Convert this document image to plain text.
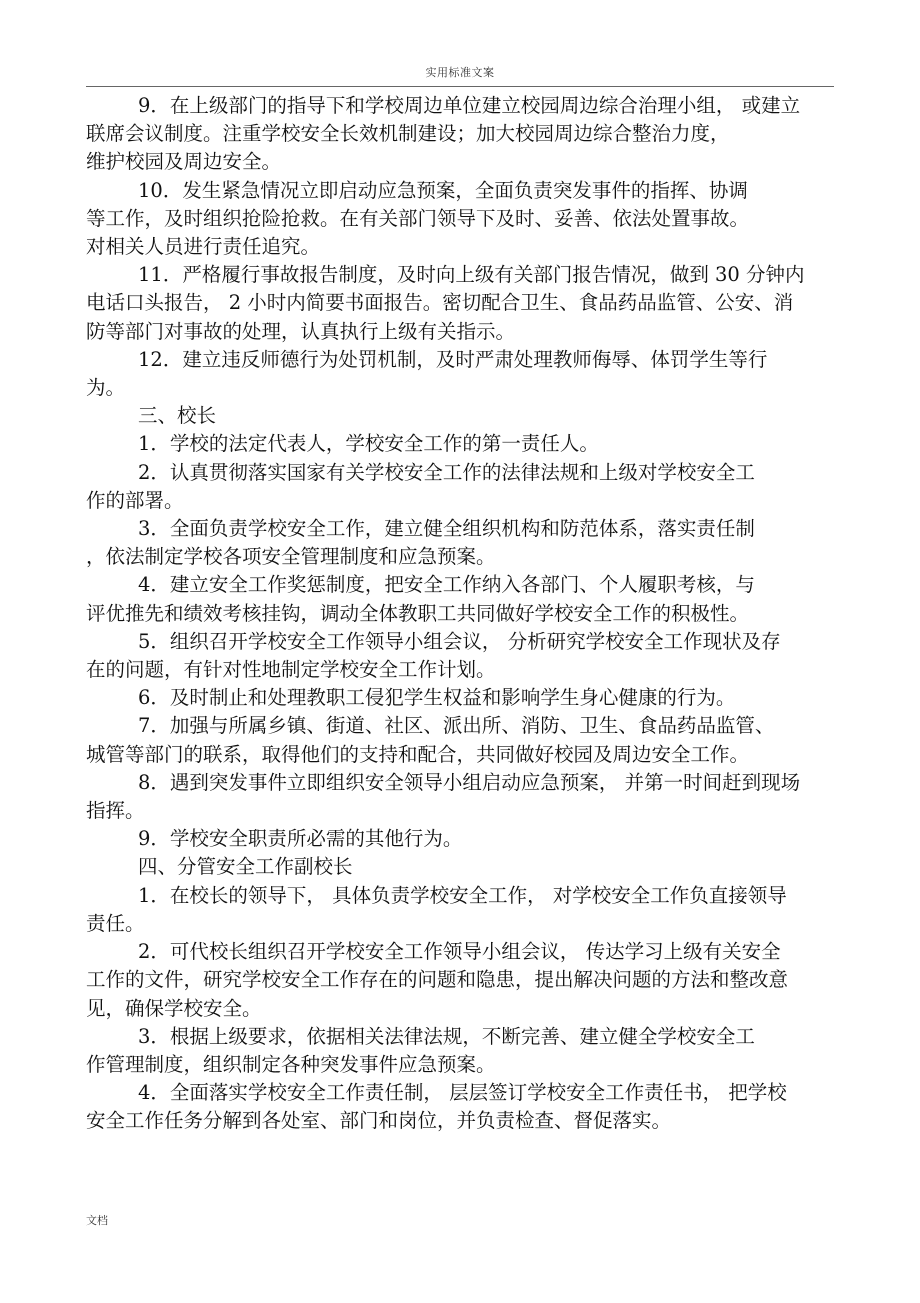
实用标准文案
9．在上级部门的指导下和学校周边单位建立校园周边综合治理小组， 或建立
联席会议制度。注重学校安全长效机制建设；加大校园周边综合整治力度，
维护校园及周边安全。
10．发生紧急情况立即启动应急预案，全面负责突发事件的指挥、协调
等工作，及时组织抢险抢救。在有关部门领导下及时、妥善、依法处置事故。
对相关人员进行责任追究。
11．严格履行事故报告制度，及时向上级有关部门报告情况，做到 30 分钟内
电话口头报告， 2 小时内简要书面报告。密切配合卫生、食品药品监管、公安、消
防等部门对事故的处理，认真执行上级有关指示。
12．建立违反师德行为处罚机制，及时严肃处理教师侮辱、体罚学生等行
为。
三、校长
1．学校的法定代表人，学校安全工作的第一责任人。
2．认真贯彻落实国家有关学校安全工作的法律法规和上级对学校安全工
作的部署。
3．全面负责学校安全工作，建立健全组织机构和防范体系，落实责任制
，依法制定学校各项安全管理制度和应急预案。
4．建立安全工作奖惩制度，把安全工作纳入各部门、个人履职考核，与
评优推先和绩效考核挂钩，调动全体教职工共同做好学校安全工作的积极性。
5．组织召开学校安全工作领导小组会议， 分析研究学校安全工作现状及存
在的问题，有针对性地制定学校安全工作计划。
6．及时制止和处理教职工侵犯学生权益和影响学生身心健康的行为。
7．加强与所属乡镇、街道、社区、派出所、消防、卫生、食品药品监管、
城管等部门的联系，取得他们的支持和配合，共同做好校园及周边安全工作。
8．遇到突发事件立即组织安全领导小组启动应急预案， 并第一时间赶到现场
指挥。
9．学校安全职责所必需的其他行为。
四、分管安全工作副校长
1．在校长的领导下， 具体负责学校安全工作， 对学校安全工作负直接领导
责任。
2．可代校长组织召开学校安全工作领导小组会议， 传达学习上级有关安全
工作的文件，研究学校安全工作存在的问题和隐患，提出解决问题的方法和整改意
见，确保学校安全。
3．根据上级要求，依据相关法律法规，不断完善、建立健全学校安全工
作管理制度，组织制定各种突发事件应急预案。
4．全面落实学校安全工作责任制， 层层签订学校安全工作责任书， 把学校
安全工作任务分解到各处室、部门和岗位，并负责检查、督促落实。
文档
